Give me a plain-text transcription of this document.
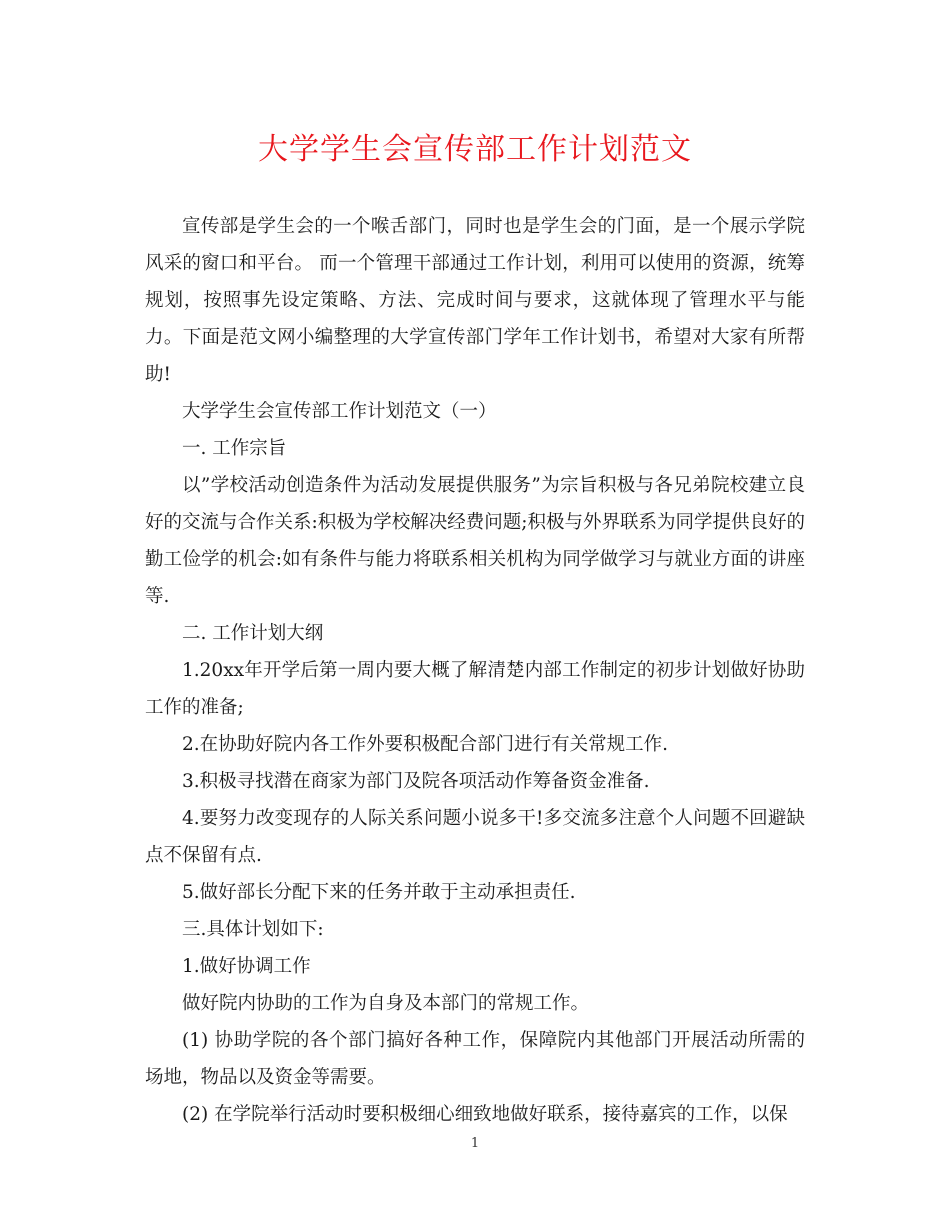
大学学生会宣传部工作计划范文

宣传部是学生会的一个喉舌部门，同时也是学生会的门面，是一个展示学院风采的窗口和平台。 而一个管理干部通过工作计划，利用可以使用的资源，统筹规划，按照事先设定策略、方法、完成时间与要求，这就体现了管理水平与能力。下面是范文网小编整理的大学宣传部门学年工作计划书，希望对大家有所帮助!

大学学生会宣传部工作计划范文（一）

一. 工作宗旨

以”学校活动创造条件为活动发展提供服务”为宗旨积极与各兄弟院校建立良好的交流与合作关系:积极为学校解决经费问题;积极与外界联系为同学提供良好的勤工俭学的机会:如有条件与能力将联系相关机构为同学做学习与就业方面的讲座等.

二. 工作计划大纲

1.20xx年开学后第一周内要大概了解清楚内部工作制定的初步计划做好协助工作的准备;

2.在协助好院内各工作外要积极配合部门进行有关常规工作.

3.积极寻找潜在商家为部门及院各项活动作筹备资金准备.

4.要努力改变现存的人际关系问题小说多干!多交流多注意个人问题不回避缺点不保留有点.

5.做好部长分配下来的任务并敢于主动承担责任.

三.具体计划如下:

1.做好协调工作

做好院内协助的工作为自身及本部门的常规工作。

(1) 协助学院的各个部门搞好各种工作，保障院内其他部门开展活动所需的场地，物品以及资金等需要。

(2) 在学院举行活动时要积极细心细致地做好联系，接待嘉宾的工作，以保

1
